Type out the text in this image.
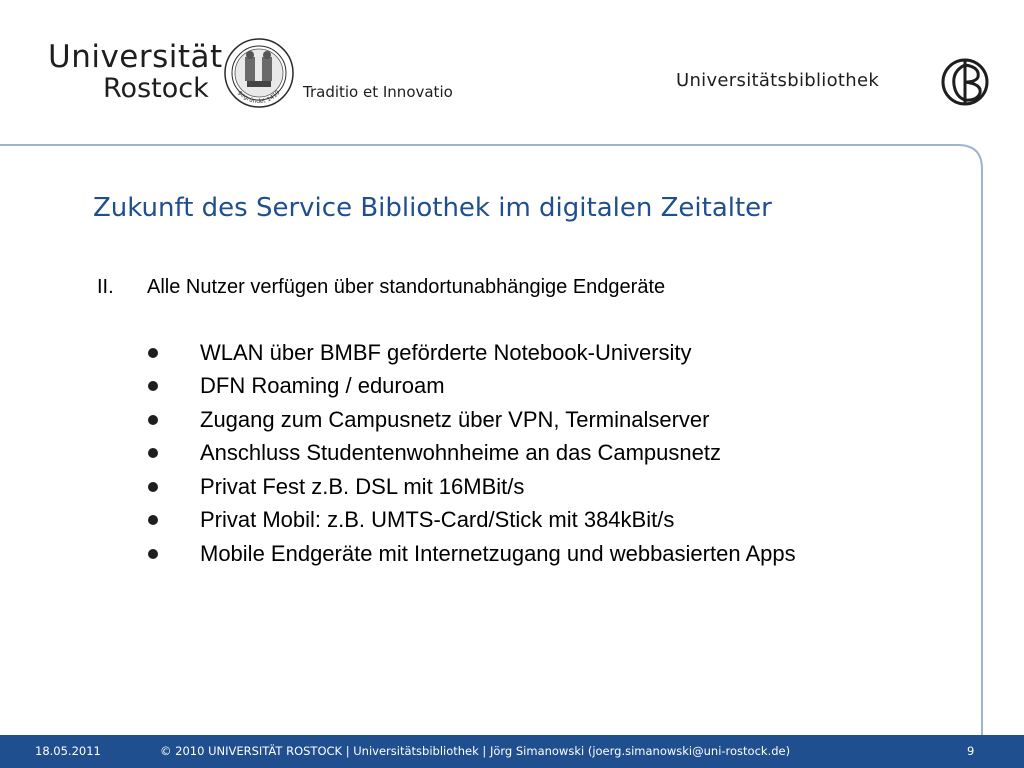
Universität
Rostock	gegründet 1419 Traditio et Innovatio
Universitätsbibliothek
Zukunft des Service Bibliothek im digitalen Zeitalter
II. Alle Nutzer verfügen über standortunabhängige Endgeräte
WLAN über BMBF geförderte Notebook-University
DFN Roaming / eduroam
Zugang zum Campusnetz über VPN, Terminalserver
Anschluss Studentenwohnheime an das Campusnetz
Privat Fest z.B. DSL mit 16MBit/s
Privat Mobil: z.B. UMTS-Card/Stick mit 384kBit/s
Mobile Endgeräte mit Internetzugang und webbasierten Apps
18.05.2011	© 2010 UNIVERSITÄT ROSTOCK | Universitätsbibliothek | Jörg Simanowski (joerg.simanowski@uni-rostock.de)	9
